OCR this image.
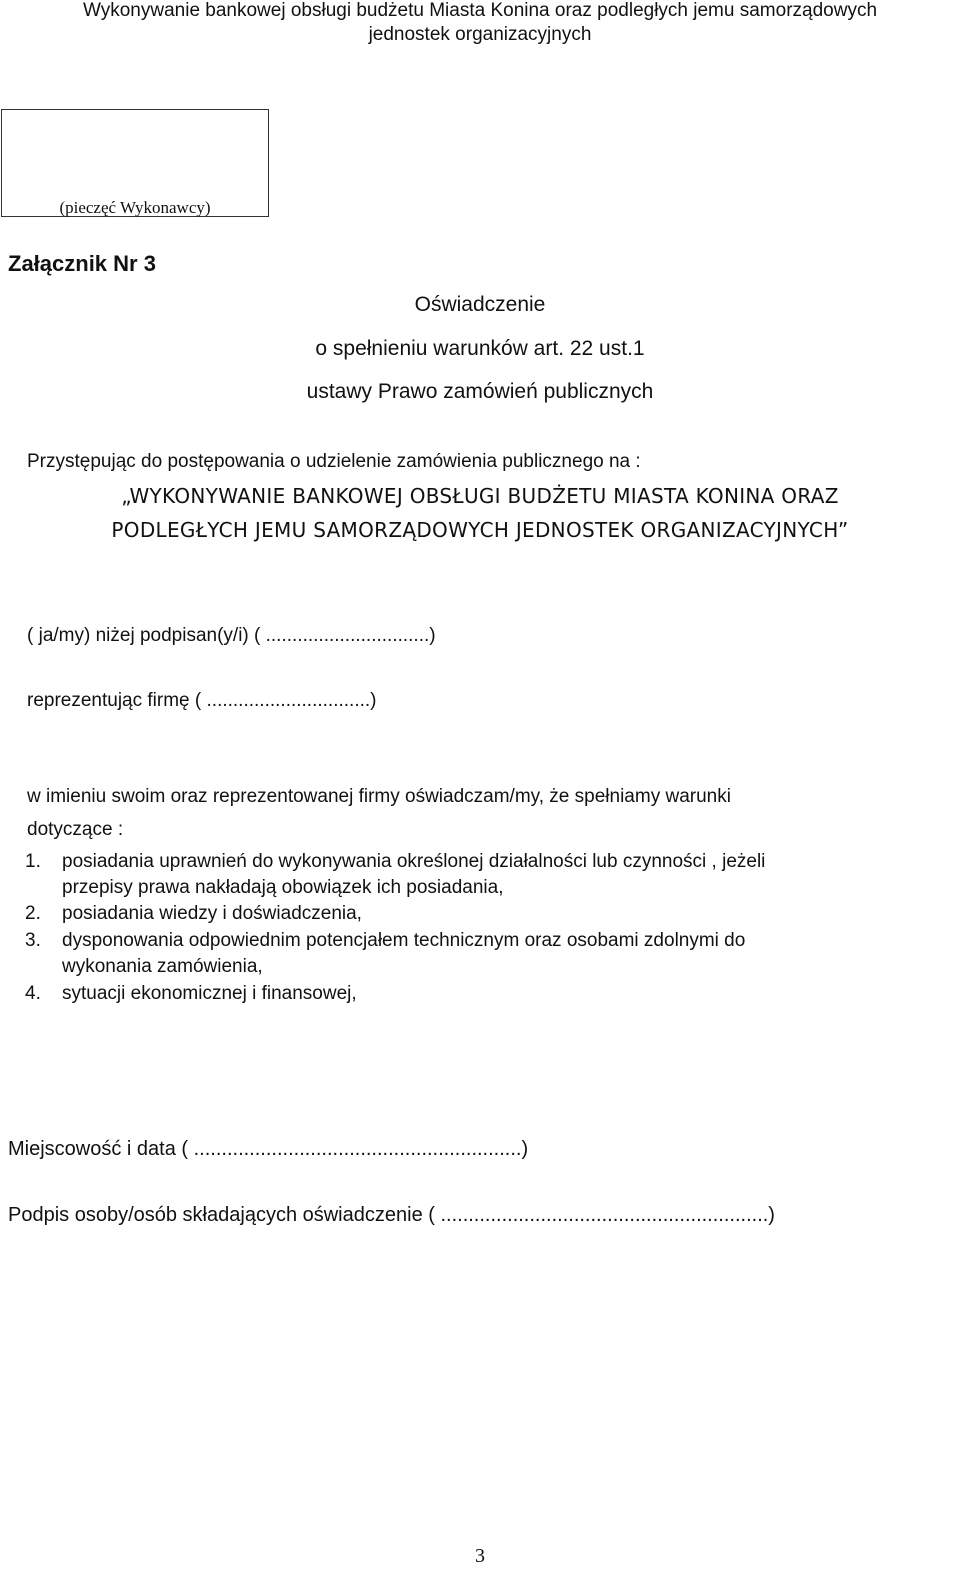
Wykonywanie bankowej obsługi budżetu Miasta Konina oraz podległych jemu samorządowych
jednostek organizacyjnych
(pieczęć Wykonawcy)
Załącznik Nr 3
Oświadczenie
o spełnieniu warunków art. 22 ust.1
ustawy Prawo zamówień publicznych
Przystępując do postępowania o udzielenie zamówienia publicznego na :
„WYKONYWANIE BANKOWEJ OBSŁUGI BUDŻETU MIASTA KONINA ORAZ
PODLEGŁYCH JEMU SAMORZĄDOWYCH JEDNOSTEK ORGANIZACYJNYCH”
( ja/my) niżej podpisan(y/i) ( ...............................)
reprezentując firmę ( ...............................)
w imieniu swoim oraz reprezentowanej firmy oświadczam/my, że spełniamy warunki
dotyczące :
1. posiadania uprawnień do wykonywania określonej działalności lub czynności , jeżeli
przepisy prawa nakładają obowiązek ich posiadania,
2. posiadania wiedzy i doświadczenia,
3. dysponowania odpowiednim potencjałem technicznym oraz osobami zdolnymi do
wykonania zamówienia,
4. sytuacji ekonomicznej i finansowej,
Miejscowość i data ( ...........................................................)
Podpis osoby/osób składających oświadczenie ( ...........................................................)
3
